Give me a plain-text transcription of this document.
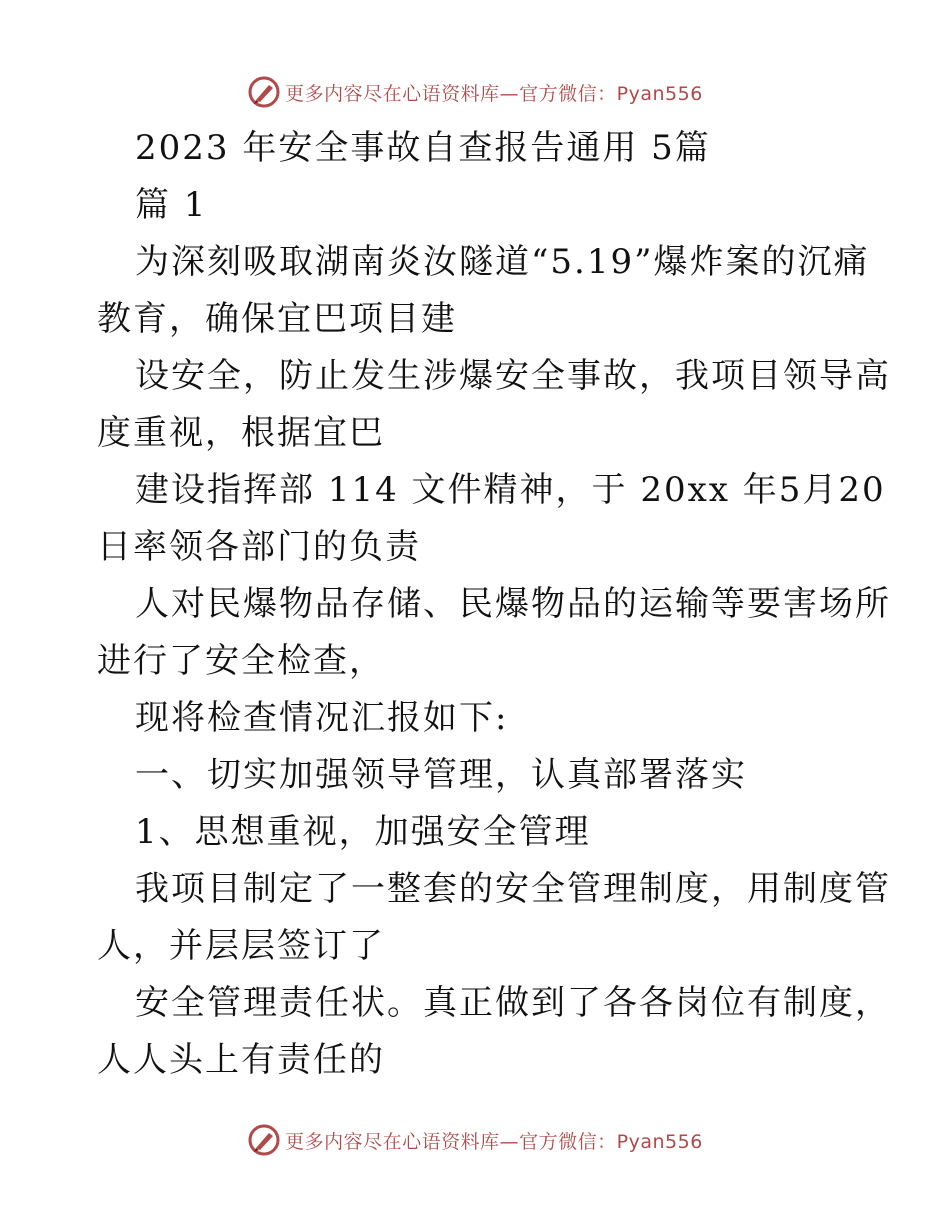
更多内容尽在心语资料库—官方微信：Pyan556
2023 年安全事故自查报告通用 5篇
篇 1
为深刻吸取湖南炎汝隧道“5.19”爆炸案的沉痛
教育，确保宜巴项目建
设安全，防止发生涉爆安全事故，我项目领导高
度重视，根据宜巴
建设指挥部 114 文件精神，于 20xx 年5月20
日率领各部门的负责
人对民爆物品存储、民爆物品的运输等要害场所
进行了安全检查，
现将检查情况汇报如下:
一、切实加强领导管理，认真部署落实
1、思想重视，加强安全管理
我项目制定了一整套的安全管理制度，用制度管
人，并层层签订了
安全管理责任状。真正做到了各各岗位有制度，
人人头上有责任的
更多内容尽在心语资料库—官方微信：Pyan556
